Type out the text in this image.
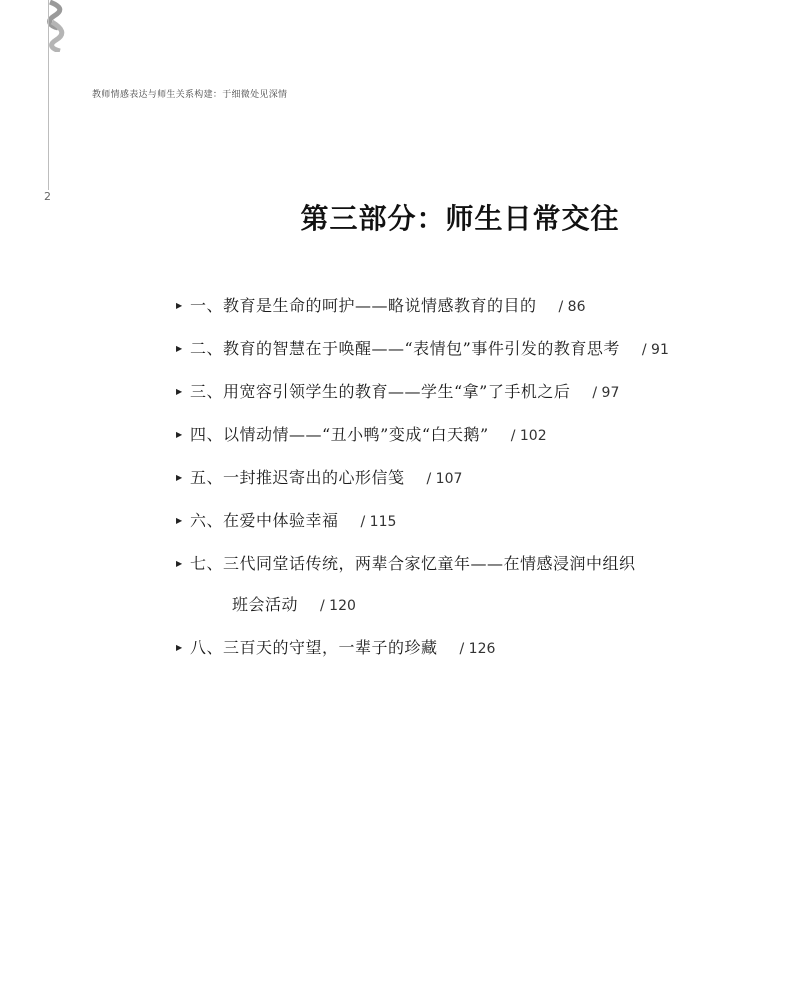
教师情感表达与师生关系构建：于细微处见深情
2
第三部分：师生日常交往
▶ 一、教育是生命的呵护——略说情感教育的目的 / 86
▶ 二、教育的智慧在于唤醒——“表情包”事件引发的教育思考 / 91
▶ 三、用宽容引领学生的教育——学生“拿”了手机之后 / 97
▶ 四、以情动情——“丑小鸭”变成“白天鹅” / 102
▶ 五、一封推迟寄出的心形信笺 / 107
▶ 六、在爱中体验幸福 / 115
▶ 七、三代同堂话传统，两辈合家忆童年——在情感浸润中组织
班会活动 / 120
▶ 八、三百天的守望，一辈子的珍藏 / 126
